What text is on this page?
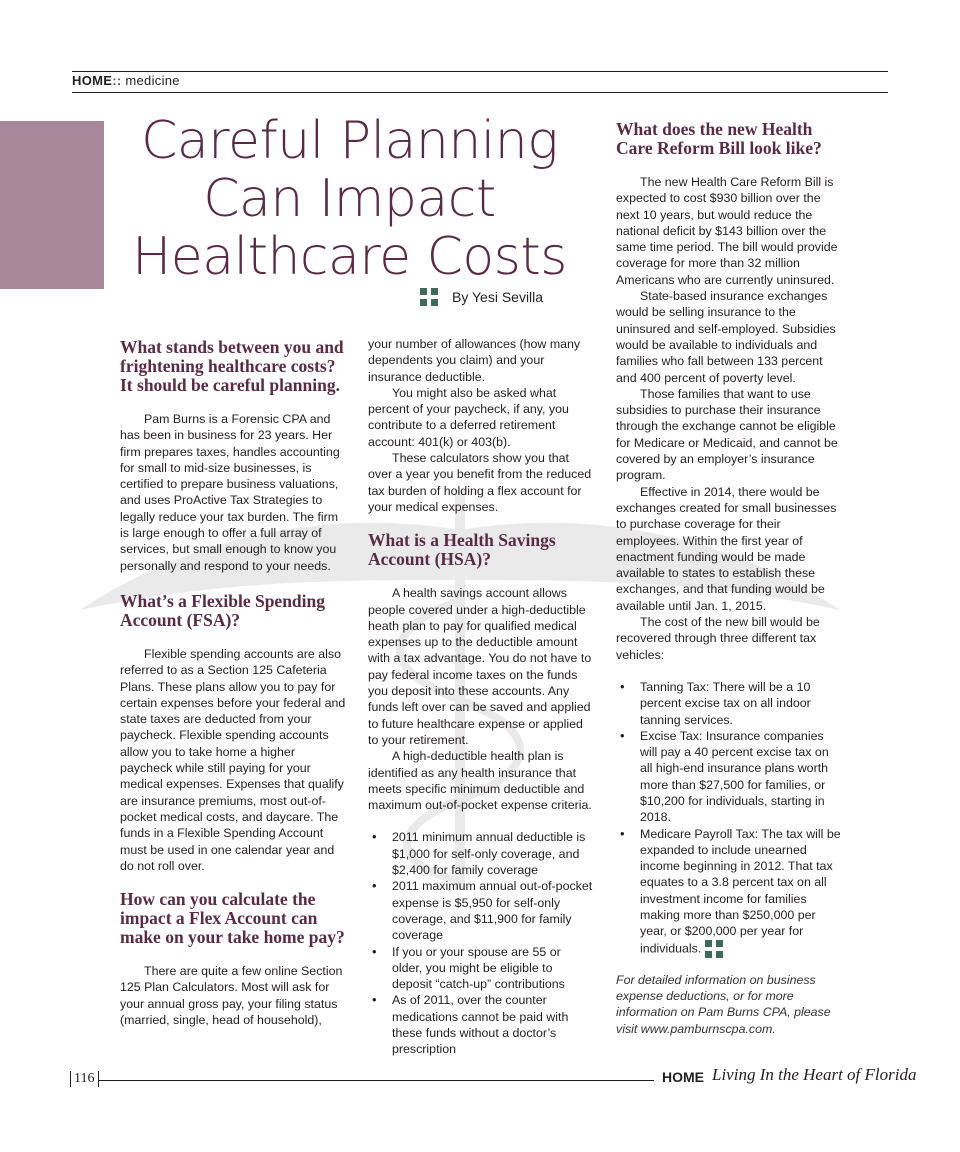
HOME:: medicine
Careful Planning
Can Impact
Healthcare Costs
By Yesi Sevilla
What stands between you and frightening healthcare costs? It should be careful planning.

Pam Burns is a Forensic CPA and has been in business for 23 years. Her firm prepares taxes, handles accounting for small to mid-size businesses, is certified to prepare business valuations, and uses ProActive Tax Strategies to legally reduce your tax burden. The firm is large enough to offer a full array of services, but small enough to know you personally and respond to your needs.

What’s a Flexible Spending Account (FSA)?

Flexible spending accounts are also referred to as a Section 125 Cafeteria Plans. These plans allow you to pay for certain expenses before your federal and state taxes are deducted from your paycheck. Flexible spending accounts allow you to take home a higher paycheck while still paying for your medical expenses. Expenses that qualify are insurance premiums, most out-of-pocket medical costs, and daycare. The funds in a Flexible Spending Account must be used in one calendar year and do not roll over.

How can you calculate the impact a Flex Account can make on your take home pay?

There are quite a few online Section 125 Plan Calculators. Most will ask for your annual gross pay, your filing status (married, single, head of household),

your number of allowances (how many dependents you claim) and your insurance deductible.

You might also be asked what percent of your paycheck, if any, you contribute to a deferred retirement account: 401(k) or 403(b).

These calculators show you that over a year you benefit from the reduced tax burden of holding a flex account for your medical expenses.

What is a Health Savings Account (HSA)?

A health savings account allows people covered under a high-deductible heath plan to pay for qualified medical expenses up to the deductible amount with a tax advantage. You do not have to pay federal income taxes on the funds you deposit into these accounts. Any funds left over can be saved and applied to future healthcare expense or applied to your retirement.

A high-deductible health plan is identified as any health insurance that meets specific minimum deductible and maximum out-of-pocket expense criteria.

• 2011 minimum annual deductible is $1,000 for self-only coverage, and $2,400 for family coverage
• 2011 maximum annual out-of-pocket expense is $5,950 for self-only coverage, and $11,900 for family coverage
• If you or your spouse are 55 or older, you might be eligible to deposit “catch-up” contributions
• As of 2011, over the counter medications cannot be paid with these funds without a doctor’s prescription
What does the new Health Care Reform Bill look like?

The new Health Care Reform Bill is expected to cost $930 billion over the next 10 years, but would reduce the national deficit by $143 billion over the same time period. The bill would provide coverage for more than 32 million Americans who are currently uninsured.

State-based insurance exchanges would be selling insurance to the uninsured and self-employed. Subsidies would be available to individuals and families who fall between 133 percent and 400 percent of poverty level.

Those families that want to use subsidies to purchase their insurance through the exchange cannot be eligible for Medicare or Medicaid, and cannot be covered by an employer’s insurance program.

Effective in 2014, there would be exchanges created for small businesses to purchase coverage for their employees. Within the first year of enactment funding would be made available to states to establish these exchanges, and that funding would be available until Jan. 1, 2015.

The cost of the new bill would be recovered through three different tax vehicles:

• Tanning Tax: There will be a 10 percent excise tax on all indoor tanning services.
• Excise Tax: Insurance companies will pay a 40 percent excise tax on all high-end insurance plans worth more than $27,500 for families, or $10,200 for individuals, starting in 2018.
• Medicare Payroll Tax: The tax will be expanded to include unearned income beginning in 2012. That tax equates to a 3.8 percent tax on all investment income for families making more than $250,000 per year, or $200,000 per year for individuals.

For detailed information on business expense deductions, or for more information on Pam Burns CPA, please visit www.pamburnscpa.com.

116	HOME Living In the Heart of Florida
